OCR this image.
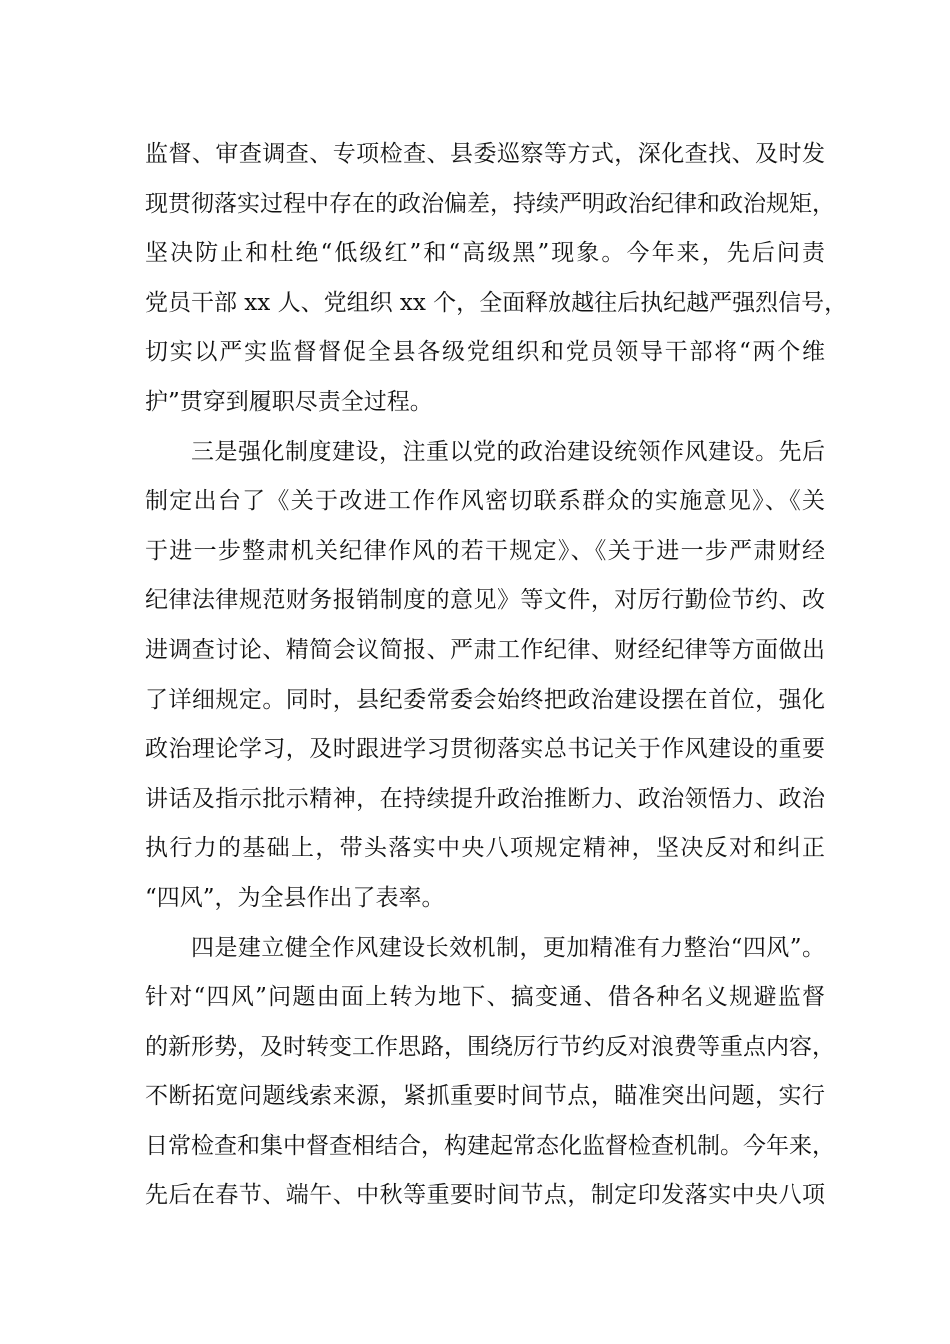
监督、审查调查、专项检查、县委巡察等方式，深化查找、及时发
现贯彻落实过程中存在的政治偏差，持续严明政治纪律和政治规矩，
坚决防止和杜绝“低级红”和“高级黑”现象。今年来，先后问责
党员干部 xx 人、党组织 xx 个，全面释放越往后执纪越严强烈信号，
切实以严实监督督促全县各级党组织和党员领导干部将“两个维
护”贯穿到履职尽责全过程。
三是强化制度建设，注重以党的政治建设统领作风建设。先后
制定出台了《关于改进工作作风密切联系群众的实施意见》、《关
于进一步整肃机关纪律作风的若干规定》、《关于进一步严肃财经
纪律法律规范财务报销制度的意见》等文件，对厉行勤俭节约、改
进调查讨论、精简会议简报、严肃工作纪律、财经纪律等方面做出
了详细规定。同时，县纪委常委会始终把政治建设摆在首位，强化
政治理论学习，及时跟进学习贯彻落实总书记关于作风建设的重要
讲话及指示批示精神，在持续提升政治推断力、政治领悟力、政治
执行力的基础上，带头落实中央八项规定精神，坚决反对和纠正
“四风”，为全县作出了表率。
四是建立健全作风建设长效机制，更加精准有力整治“四风”。
针对“四风”问题由面上转为地下、搞变通、借各种名义规避监督
的新形势，及时转变工作思路，围绕厉行节约反对浪费等重点内容，
不断拓宽问题线索来源，紧抓重要时间节点，瞄准突出问题，实行
日常检查和集中督查相结合，构建起常态化监督检查机制。今年来，
先后在春节、端午、中秋等重要时间节点，制定印发落实中央八项
